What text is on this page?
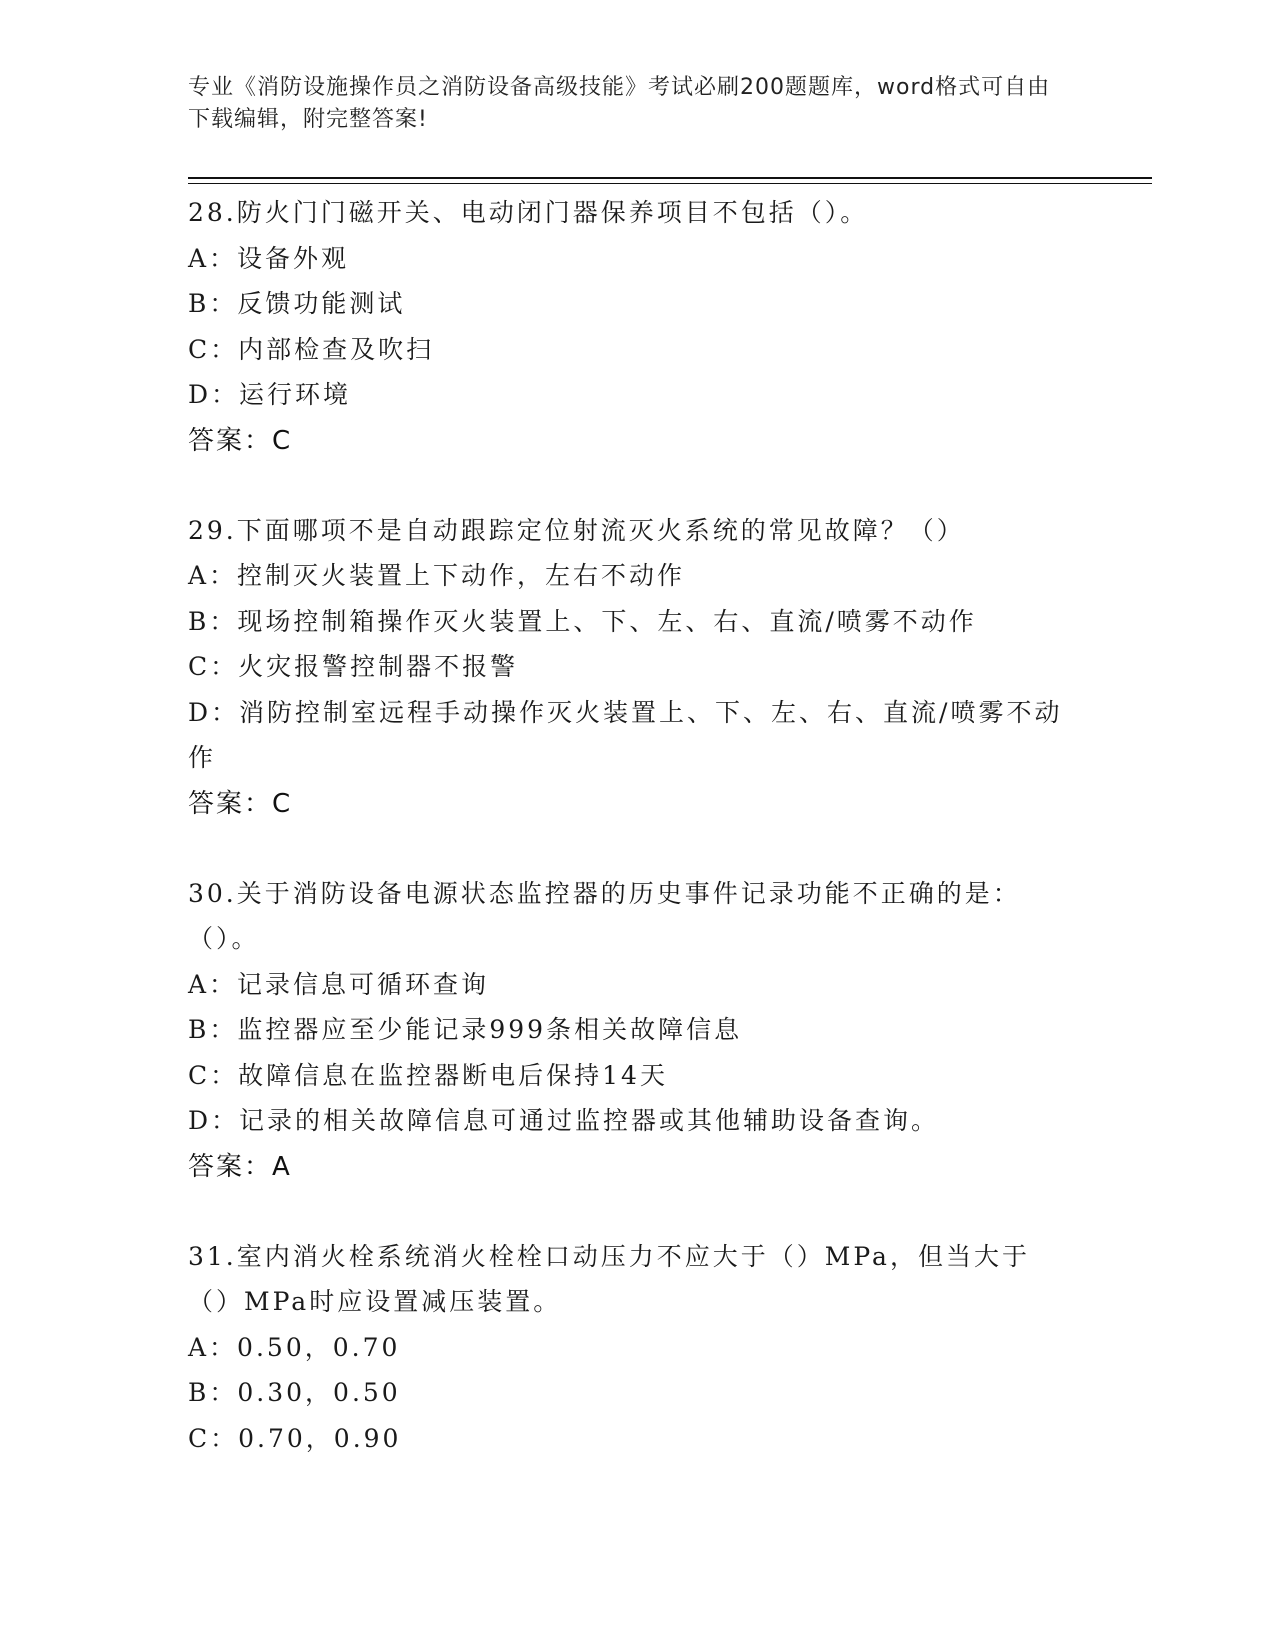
专业《消防设施操作员之消防设备高级技能》考试必刷200题题库，word格式可自由下载编辑，附完整答案!
28.防火门门磁开关、电动闭门器保养项目不包括（）。
A：设备外观
B：反馈功能测试
C：内部检查及吹扫
D：运行环境
答案：C
29.下面哪项不是自动跟踪定位射流灭火系统的常见故障？（）
A：控制灭火装置上下动作，左右不动作
B：现场控制箱操作灭火装置上、下、左、右、直流/喷雾不动作
C：火灾报警控制器不报警
D：消防控制室远程手动操作灭火装置上、下、左、右、直流/喷雾不动作
答案：C
30.关于消防设备电源状态监控器的历史事件记录功能不正确的是：（）。
A：记录信息可循环查询
B：监控器应至少能记录999条相关故障信息
C：故障信息在监控器断电后保持14天
D：记录的相关故障信息可通过监控器或其他辅助设备查询。
答案：A
31.室内消火栓系统消火栓栓口动压力不应大于（）MPa，但当大于（）MPa时应设置减压装置。
A：0.50，0.70
B：0.30，0.50
C：0.70，0.90
